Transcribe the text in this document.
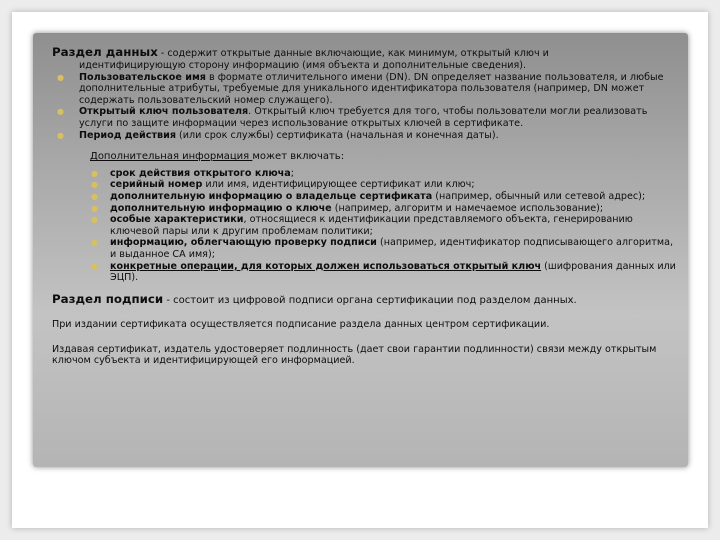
Раздел данных - содержит открытые данные включающие, как минимум, открытый ключ и
идентифицирующую сторону информацию (имя объекта и дополнительные сведения).
● Пользовательское имя в формате отличительного имени (DN). DN определяет название пользователя, и любые дополнительные атрибуты, требуемые для уникального идентификатора пользователя (например, DN может содержать пользовательский номер служащего).
● Открытый ключ пользователя. Открытый ключ требуется для того, чтобы пользователи могли реализовать услуги по защите информации через использование открытых ключей в сертификате.
● Период действия (или срок службы) сертификата (начальная и конечная даты).
Дополнительная информация может включать:
● срок действия открытого ключа;
● серийный номер или имя, идентифицирующее сертификат или ключ;
● дополнительную информацию о владельце сертификата (например, обычный или сетевой адрес);
● дополнительную информацию о ключе (например, алгоритм и намечаемое использование);
● особые характеристики, относящиеся к идентификации представляемого объекта, генерированию ключевой пары или к другим проблемам политики;
● информацию, облегчающую проверку подписи (например, идентификатор подписывающего алгоритма, и выданное CA имя);
● конкретные операции, для которых должен использоваться открытый ключ (шифрования данных или ЭЦП).
Раздел подписи - состоит из цифровой подписи органа сертификации под разделом данных.
При издании сертификата осуществляется подписание раздела данных центром сертификации.
Издавая сертификат, издатель удостоверяет подлинность (дает свои гарантии подлинности) связи между открытым ключом субъекта и идентифицирующей его информацией.
